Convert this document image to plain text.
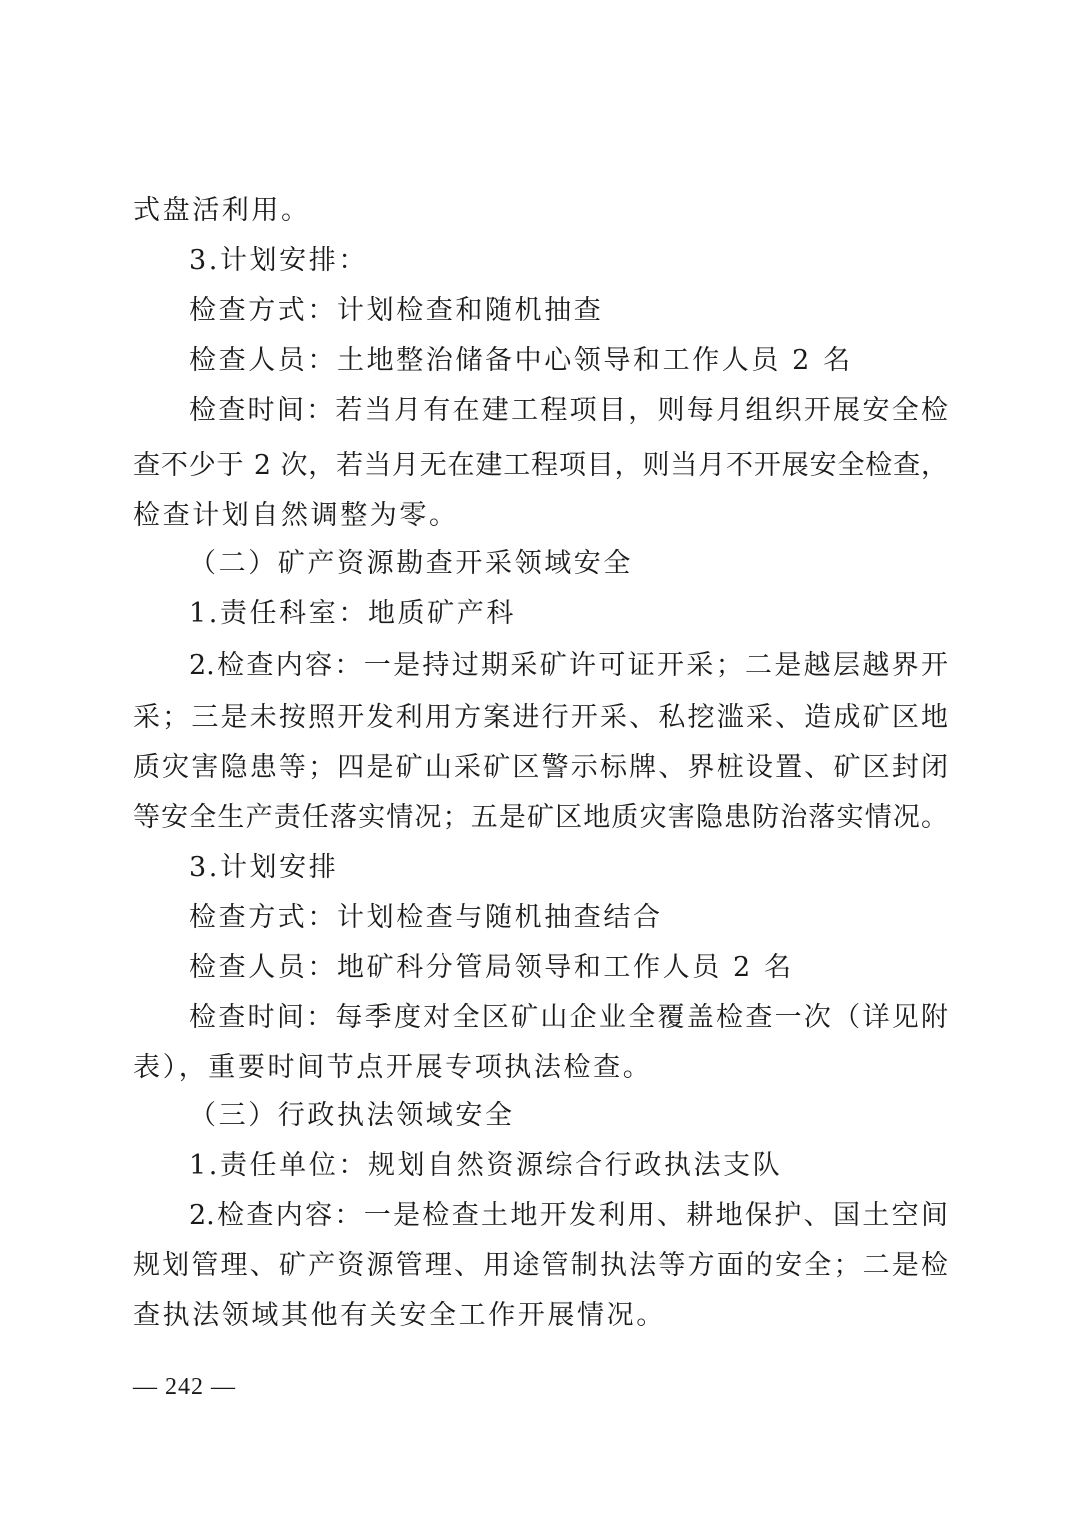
式盘活利用。
3.计划安排：
检查方式：计划检查和随机抽查
检查人员：土地整治储备中心领导和工作人员 2 名
检查时间：若当月有在建工程项目，则每月组织开展安全检
查不少于 2 次，若当月无在建工程项目，则当月不开展安全检查，
检查计划自然调整为零。
（二）矿产资源勘查开采领域安全
1.责任科室：地质矿产科
2.检查内容：一是持过期采矿许可证开采；二是越层越界开
采；三是未按照开发利用方案进行开采、私挖滥采、造成矿区地
质灾害隐患等；四是矿山采矿区警示标牌、界桩设置、矿区封闭
等安全生产责任落实情况；五是矿区地质灾害隐患防治落实情况。
3.计划安排
检查方式：计划检查与随机抽查结合
检查人员：地矿科分管局领导和工作人员 2 名
检查时间：每季度对全区矿山企业全覆盖检查一次（详见附
表），重要时间节点开展专项执法检查。
（三）行政执法领域安全
1.责任单位：规划自然资源综合行政执法支队
2.检查内容：一是检查土地开发利用、耕地保护、国土空间
规划管理、矿产资源管理、用途管制执法等方面的安全；二是检
查执法领域其他有关安全工作开展情况。
— 242 —
